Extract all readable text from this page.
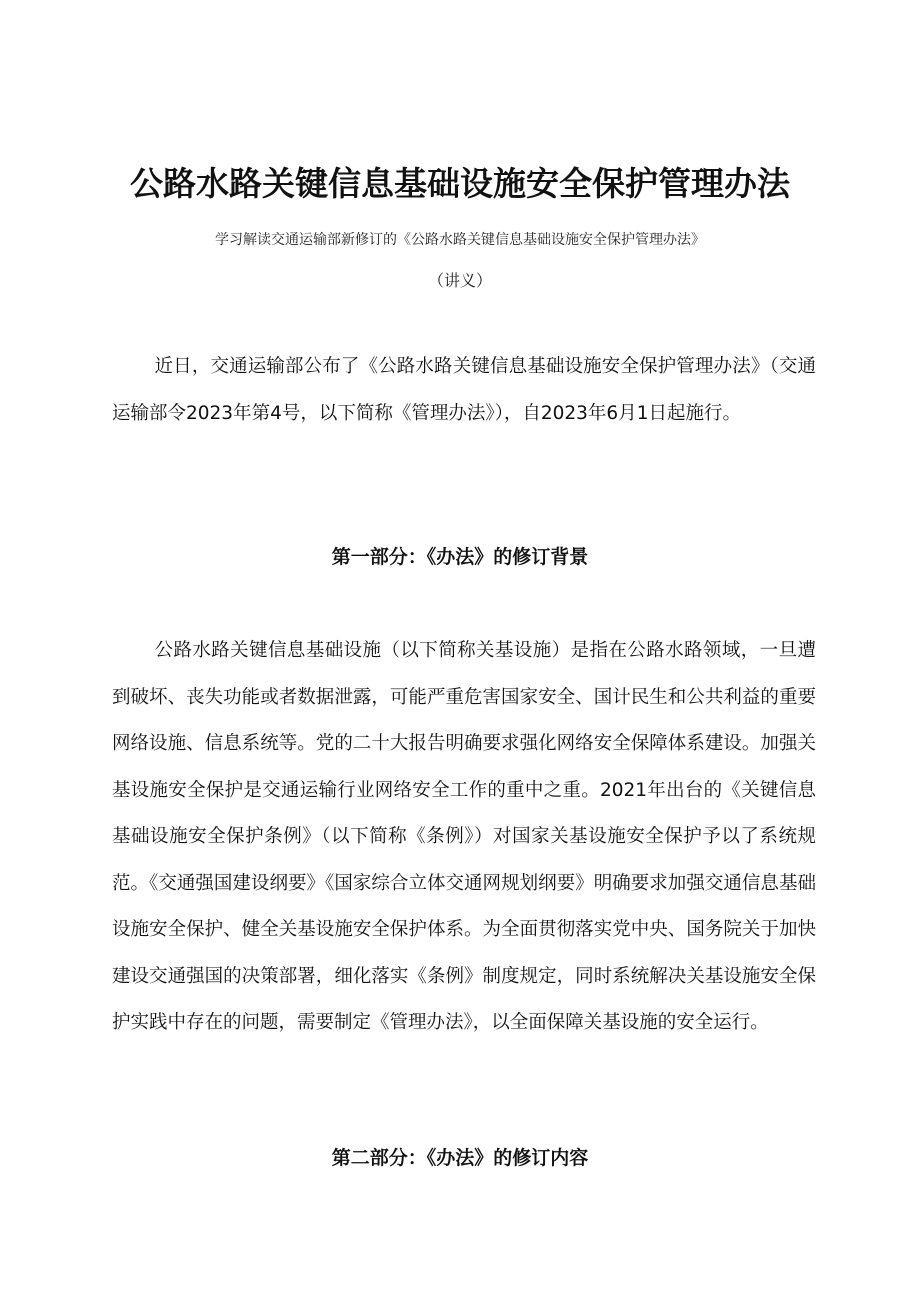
公路水路关键信息基础设施安全保护管理办法
学习解读交通运输部新修订的《公路水路关键信息基础设施安全保护管理办法》
（讲义）

近日，交通运输部公布了《公路水路关键信息基础设施安全保护管理办法》（交通运输部令2023年第4号，以下简称《管理办法》），自2023年6月1日起施行。

第一部分：《办法》的修订背景

公路水路关键信息基础设施（以下简称关基设施）是指在公路水路领域，一旦遭到破坏、丧失功能或者数据泄露，可能严重危害国家安全、国计民生和公共利益的重要网络设施、信息系统等。党的二十大报告明确要求强化网络安全保障体系建设。加强关基设施安全保护是交通运输行业网络安全工作的重中之重。2021年出台的《关键信息基础设施安全保护条例》（以下简称《条例》）对国家关基设施安全保护予以了系统规范。《交通强国建设纲要》《国家综合立体交通网规划纲要》明确要求加强交通信息基础设施安全保护、健全关基设施安全保护体系。为全面贯彻落实党中央、国务院关于加快建设交通强国的决策部署，细化落实《条例》制度规定，同时系统解决关基设施安全保护实践中存在的问题，需要制定《管理办法》，以全面保障关基设施的安全运行。

第二部分：《办法》的修订内容
